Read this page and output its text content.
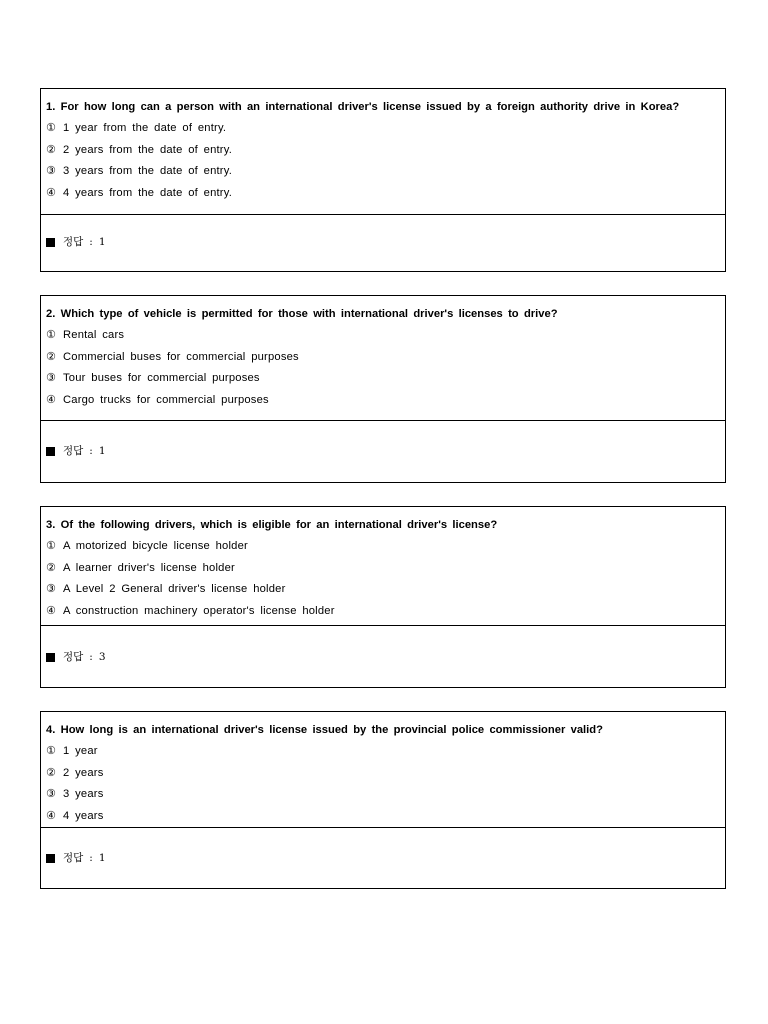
1. For how long can a person with an international driver's license issued by a foreign authority drive in Korea?
① 1 year from the date of entry.
② 2 years from the date of entry.
③ 3 years from the date of entry.
④ 4 years from the date of entry.
정답 : 1
2. Which type of vehicle is permitted for those with international driver's licenses to drive?
① Rental cars
② Commercial buses for commercial purposes
③ Tour buses for commercial purposes
④ Cargo trucks for commercial purposes
정답 : 1
3. Of the following drivers, which is eligible for an international driver's license?
① A motorized bicycle license holder
② A learner driver's license holder
③ A Level 2 General driver's license holder
④ A construction machinery operator's license holder
정답 : 3
4. How long is an international driver's license issued by the provincial police commissioner valid?
① 1 year
② 2 years
③ 3 years
④ 4 years
정답 : 1
